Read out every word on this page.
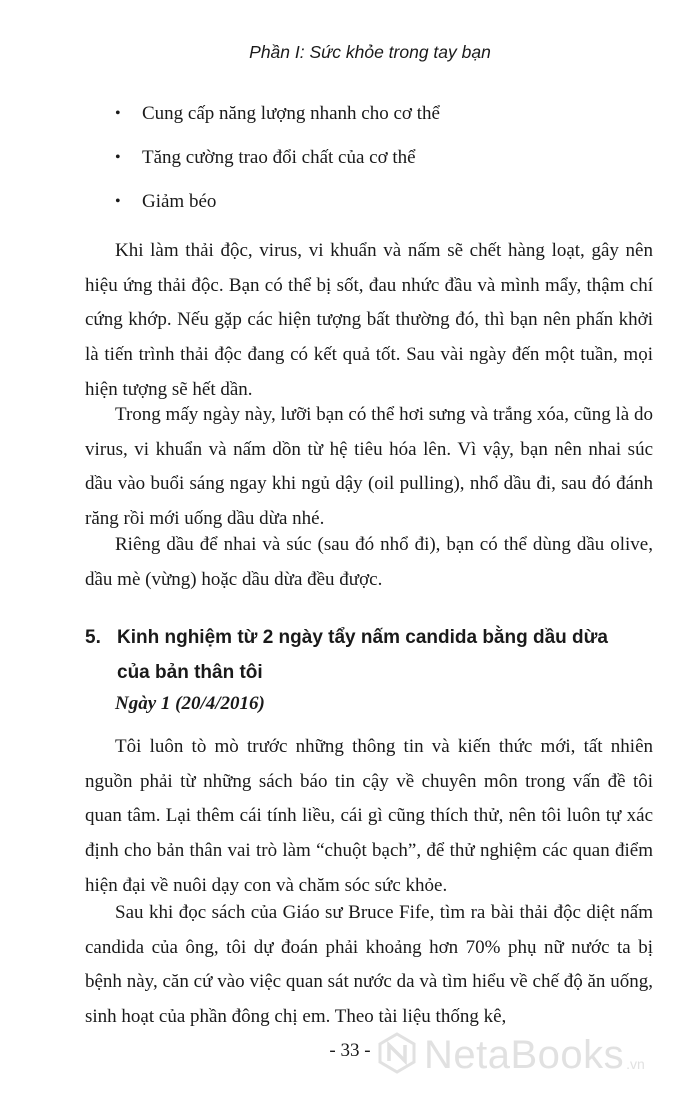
Phần I: Sức khỏe trong tay bạn
• Cung cấp năng lượng nhanh cho cơ thể
• Tăng cường trao đổi chất của cơ thể
• Giảm béo
Khi làm thải độc, virus, vi khuẩn và nấm sẽ chết hàng loạt, gây nên hiệu ứng thải độc. Bạn có thể bị sốt, đau nhức đầu và mình mẩy, thậm chí cứng khớp. Nếu gặp các hiện tượng bất thường đó, thì bạn nên phấn khởi là tiến trình thải độc đang có kết quả tốt. Sau vài ngày đến một tuần, mọi hiện tượng sẽ hết dần.
Trong mấy ngày này, lưỡi bạn có thể hơi sưng và trắng xóa, cũng là do virus, vi khuẩn và nấm dồn từ hệ tiêu hóa lên. Vì vậy, bạn nên nhai súc dầu vào buổi sáng ngay khi ngủ dậy (oil pulling), nhổ dầu đi, sau đó đánh răng rồi mới uống dầu dừa nhé.
Riêng dầu để nhai và súc (sau đó nhổ đi), bạn có thể dùng dầu olive, dầu mè (vừng) hoặc dầu dừa đều được.
5. Kinh nghiệm từ 2 ngày tẩy nấm candida bằng dầu dừa
của bản thân tôi
Ngày 1 (20/4/2016)
Tôi luôn tò mò trước những thông tin và kiến thức mới, tất nhiên nguồn phải từ những sách báo tin cậy về chuyên môn trong vấn đề tôi quan tâm. Lại thêm cái tính liều, cái gì cũng thích thử, nên tôi luôn tự xác định cho bản thân vai trò làm “chuột bạch”, để thử nghiệm các quan điểm hiện đại về nuôi dạy con và chăm sóc sức khỏe.
Sau khi đọc sách của Giáo sư Bruce Fife, tìm ra bài thải độc diệt nấm candida của ông, tôi dự đoán phải khoảng hơn 70% phụ nữ nước ta bị bệnh này, căn cứ vào việc quan sát nước da và tìm hiểu về chế độ ăn uống, sinh hoạt của phần đông chị em. Theo tài liệu thống kê,
- 33 -	NetaBooks .vn
